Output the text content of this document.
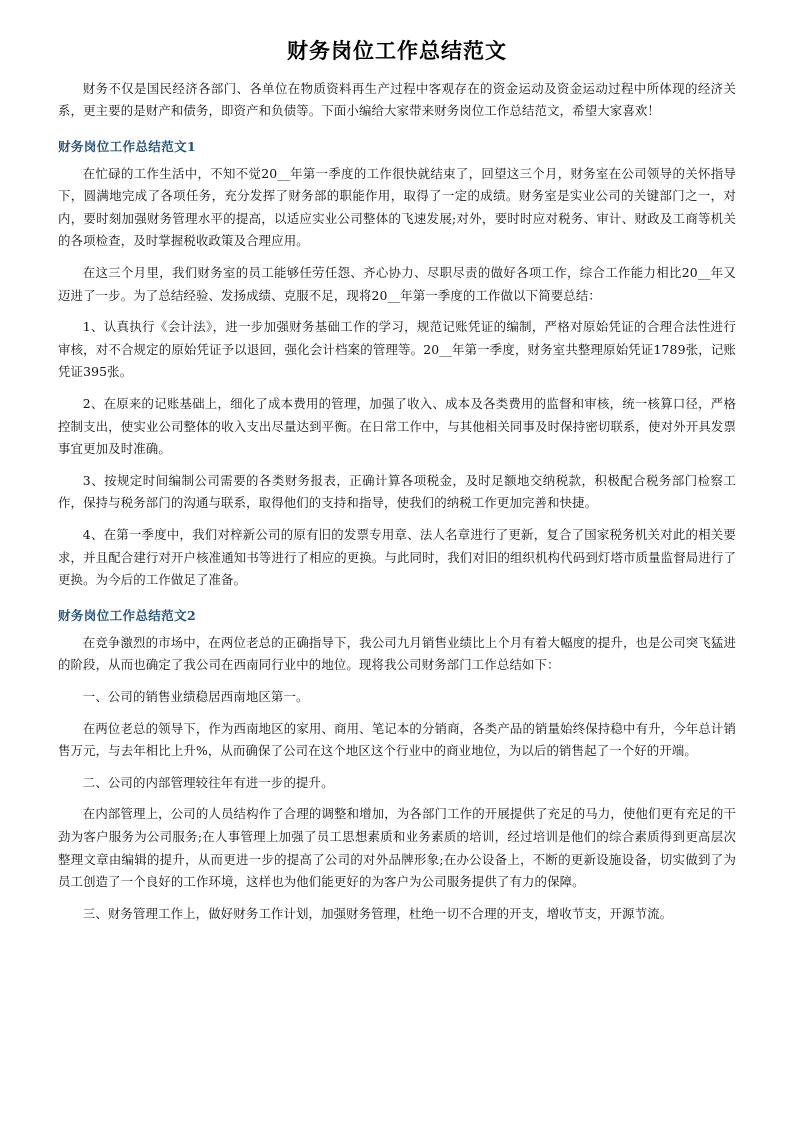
财务岗位工作总结范文

财务不仅是国民经济各部门、各单位在物质资料再生产过程中客观存在的资金运动及资金运动过程中所体现的经济关系，更主要的是财产和债务，即资产和负债等。下面小编给大家带来财务岗位工作总结范文，希望大家喜欢！

财务岗位工作总结范文1

在忙碌的工作生活中，不知不觉20__年第一季度的工作很快就结束了，回望这三个月，财务室在公司领导的关怀指导下，圆满地完成了各项任务，充分发挥了财务部的职能作用，取得了一定的成绩。财务室是实业公司的关键部门之一，对内，要时刻加强财务管理水平的提高，以适应实业公司整体的飞速发展;对外，要时时应对税务、审计、财政及工商等机关的各项检查，及时掌握税收政策及合理应用。

在这三个月里，我们财务室的员工能够任劳任怨、齐心协力、尽职尽责的做好各项工作，综合工作能力相比20__年又迈进了一步。为了总结经验、发扬成绩、克服不足，现将20__年第一季度的工作做以下简要总结：

1、认真执行《会计法》，进一步加强财务基础工作的学习，规范记账凭证的编制，严格对原始凭证的合理合法性进行审核，对不合规定的原始凭证予以退回，强化会计档案的管理等。20__年第一季度，财务室共整理原始凭证1789张，记账凭证395张。

2、在原来的记账基础上，细化了成本费用的管理，加强了收入、成本及各类费用的监督和审核，统一核算口径，严格控制支出，使实业公司整体的收入支出尽量达到平衡。在日常工作中，与其他相关同事及时保持密切联系，使对外开具发票事宜更加及时准确。

3、按规定时间编制公司需要的各类财务报表，正确计算各项税金，及时足额地交纳税款，积极配合税务部门检察工作，保持与税务部门的沟通与联系，取得他们的支持和指导，使我们的纳税工作更加完善和快捷。

4、在第一季度中，我们对梓新公司的原有旧的发票专用章、法人名章进行了更新，复合了国家税务机关对此的相关要求，并且配合建行对开户核准通知书等进行了相应的更换。与此同时，我们对旧的组织机构代码到灯塔市质量监督局进行了更换。为今后的工作做足了准备。

财务岗位工作总结范文2

在竞争激烈的市场中，在两位老总的正确指导下，我公司九月销售业绩比上个月有着大幅度的提升，也是公司突飞猛进的阶段，从而也确定了我公司在西南同行业中的地位。现将我公司财务部门工作总结如下：

一、公司的销售业绩稳居西南地区第一。

在两位老总的领导下，作为西南地区的家用、商用、笔记本的分销商，各类产品的销量始终保持稳中有升，今年总计销售万元，与去年相比上升%，从而确保了公司在这个地区这个行业中的商业地位，为以后的销售起了一个好的开端。

二、公司的内部管理较往年有进一步的提升。

在内部管理上，公司的人员结构作了合理的调整和增加，为各部门工作的开展提供了充足的马力，使他们更有充足的干劲为客户服务为公司服务;在人事管理上加强了员工思想素质和业务素质的培训，经过培训是他们的综合素质得到更高层次整理文章由编辑的提升，从而更进一步的提高了公司的对外品牌形象;在办公设备上，不断的更新设施设备，切实做到了为员工创造了一个良好的工作环境，这样也为他们能更好的为客户为公司服务提供了有力的保障。

三、财务管理工作上，做好财务工作计划，加强财务管理，杜绝一切不合理的开支，增收节支，开源节流。
